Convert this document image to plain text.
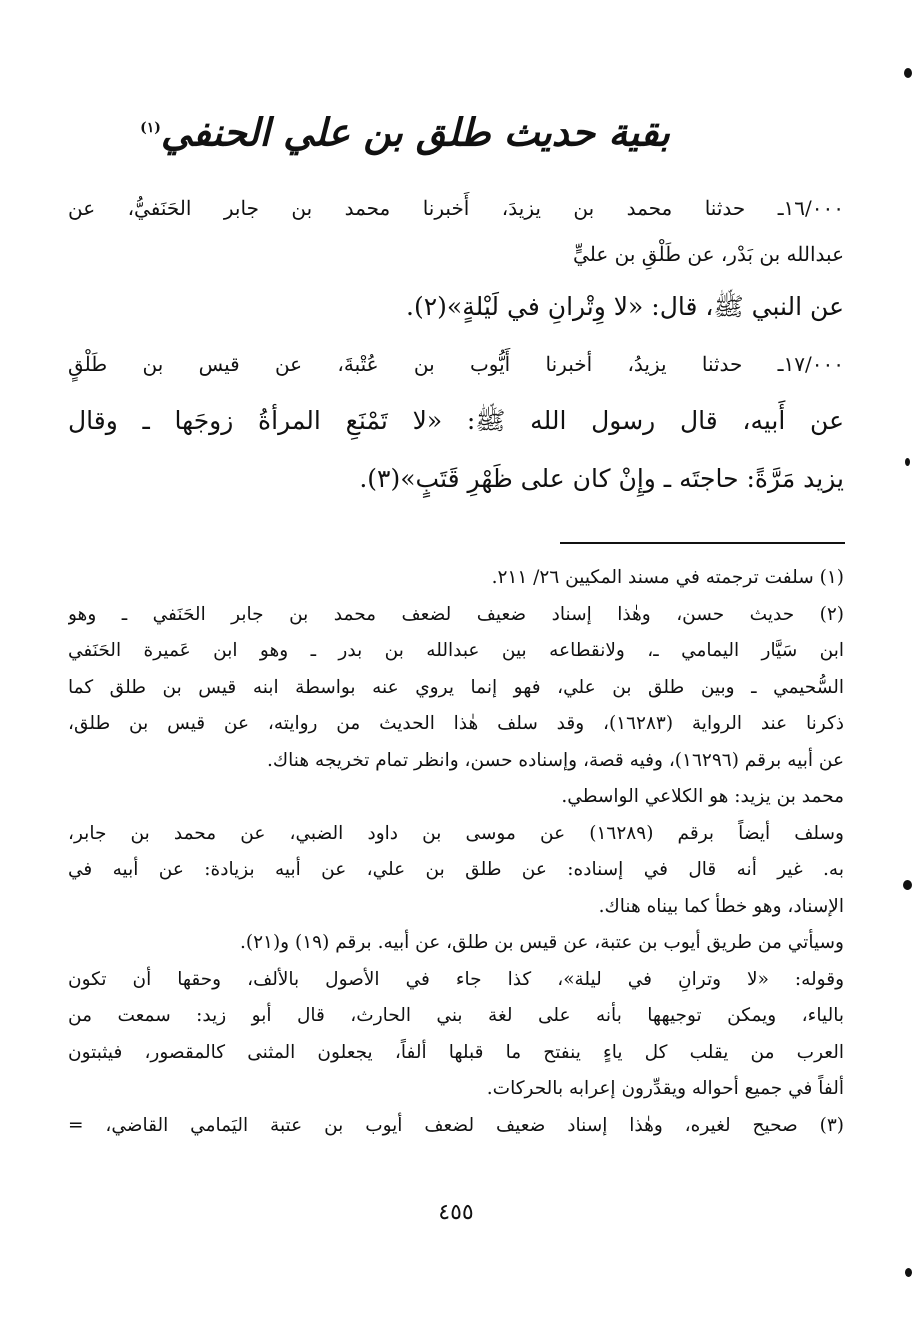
بقية حديث طلق بن علي الحنفي$^{(١)}$
١٦/٠٠٠ـ حدثنا محمد بن يزيدَ، أَخبرنا محمد بن جابر الحَنَفيُّ، عن
عبدالله بن بَدْر، عن طَلْقِ بن عليٍّ
عن النبي ﷺ، قال: «لا وِتْرانِ في لَيْلةٍ»(٢).
١٧/٠٠٠ـ حدثنا يزيدُ، أخبرنا أَيُّوب بن عُتْبةَ، عن قيس بن طَلْقٍ
عن أَبيه، قال رسول الله ﷺ: «لا تَمْنَعِ المرأةُ زوجَها ـ وقال
يزيد مَرَّةً: حاجتَه ـ وإِنْ كان على ظَهْرِ قَتَبٍ»(٣).
(١) سلفت ترجمته في مسند المكيين ٢٦/ ٢١١.
(٢) حديث حسن، وهٰذا إسناد ضعيف لضعف محمد بن جابر الحَنَفي ـ وهو
ابن سَيَّار اليمامي ـ، ولانقطاعه بين عبدالله بن بدر ـ وهو ابن عَميرة الحَنَفي
السُّحيمي ـ وبين طلق بن علي، فهو إنما يروي عنه بواسطة ابنه قيس بن طلق كما
ذكرنا عند الرواية (١٦٢٨٣)، وقد سلف هٰذا الحديث من روايته، عن قيس بن طلق،
عن أبيه برقم (١٦٢٩٦)، وفيه قصة، وإسناده حسن، وانظر تمام تخريجه هناك.
محمد بن يزيد: هو الكلاعي الواسطي.
وسلف أيضاً برقم (١٦٢٨٩) عن موسى بن داود الضبي، عن محمد بن جابر،
به. غير أنه قال في إسناده: عن طلق بن علي، عن أبيه بزيادة: عن أبيه في
الإسناد، وهو خطأ كما بيناه هناك.
وسيأتي من طريق أيوب بن عتبة، عن قيس بن طلق، عن أبيه. برقم (١٩) و(٢١).
وقوله: «لا وترانِ في ليلة»، كذا جاء في الأصول بالألف، وحقها أن تكون
بالياء، ويمكن توجيهها بأنه على لغة بني الحارث، قال أبو زيد: سمعت من
العرب من يقلب كل ياءٍ ينفتح ما قبلها ألفاً، يجعلون المثنى كالمقصور، فيثبتون
ألفاً في جميع أحواله ويقدِّرون إعرابه بالحركات.
(٣) صحيح لغيره، وهٰذا إسناد ضعيف لضعف أيوب بن عتبة اليَمامي القاضي، =
٤٥٥
